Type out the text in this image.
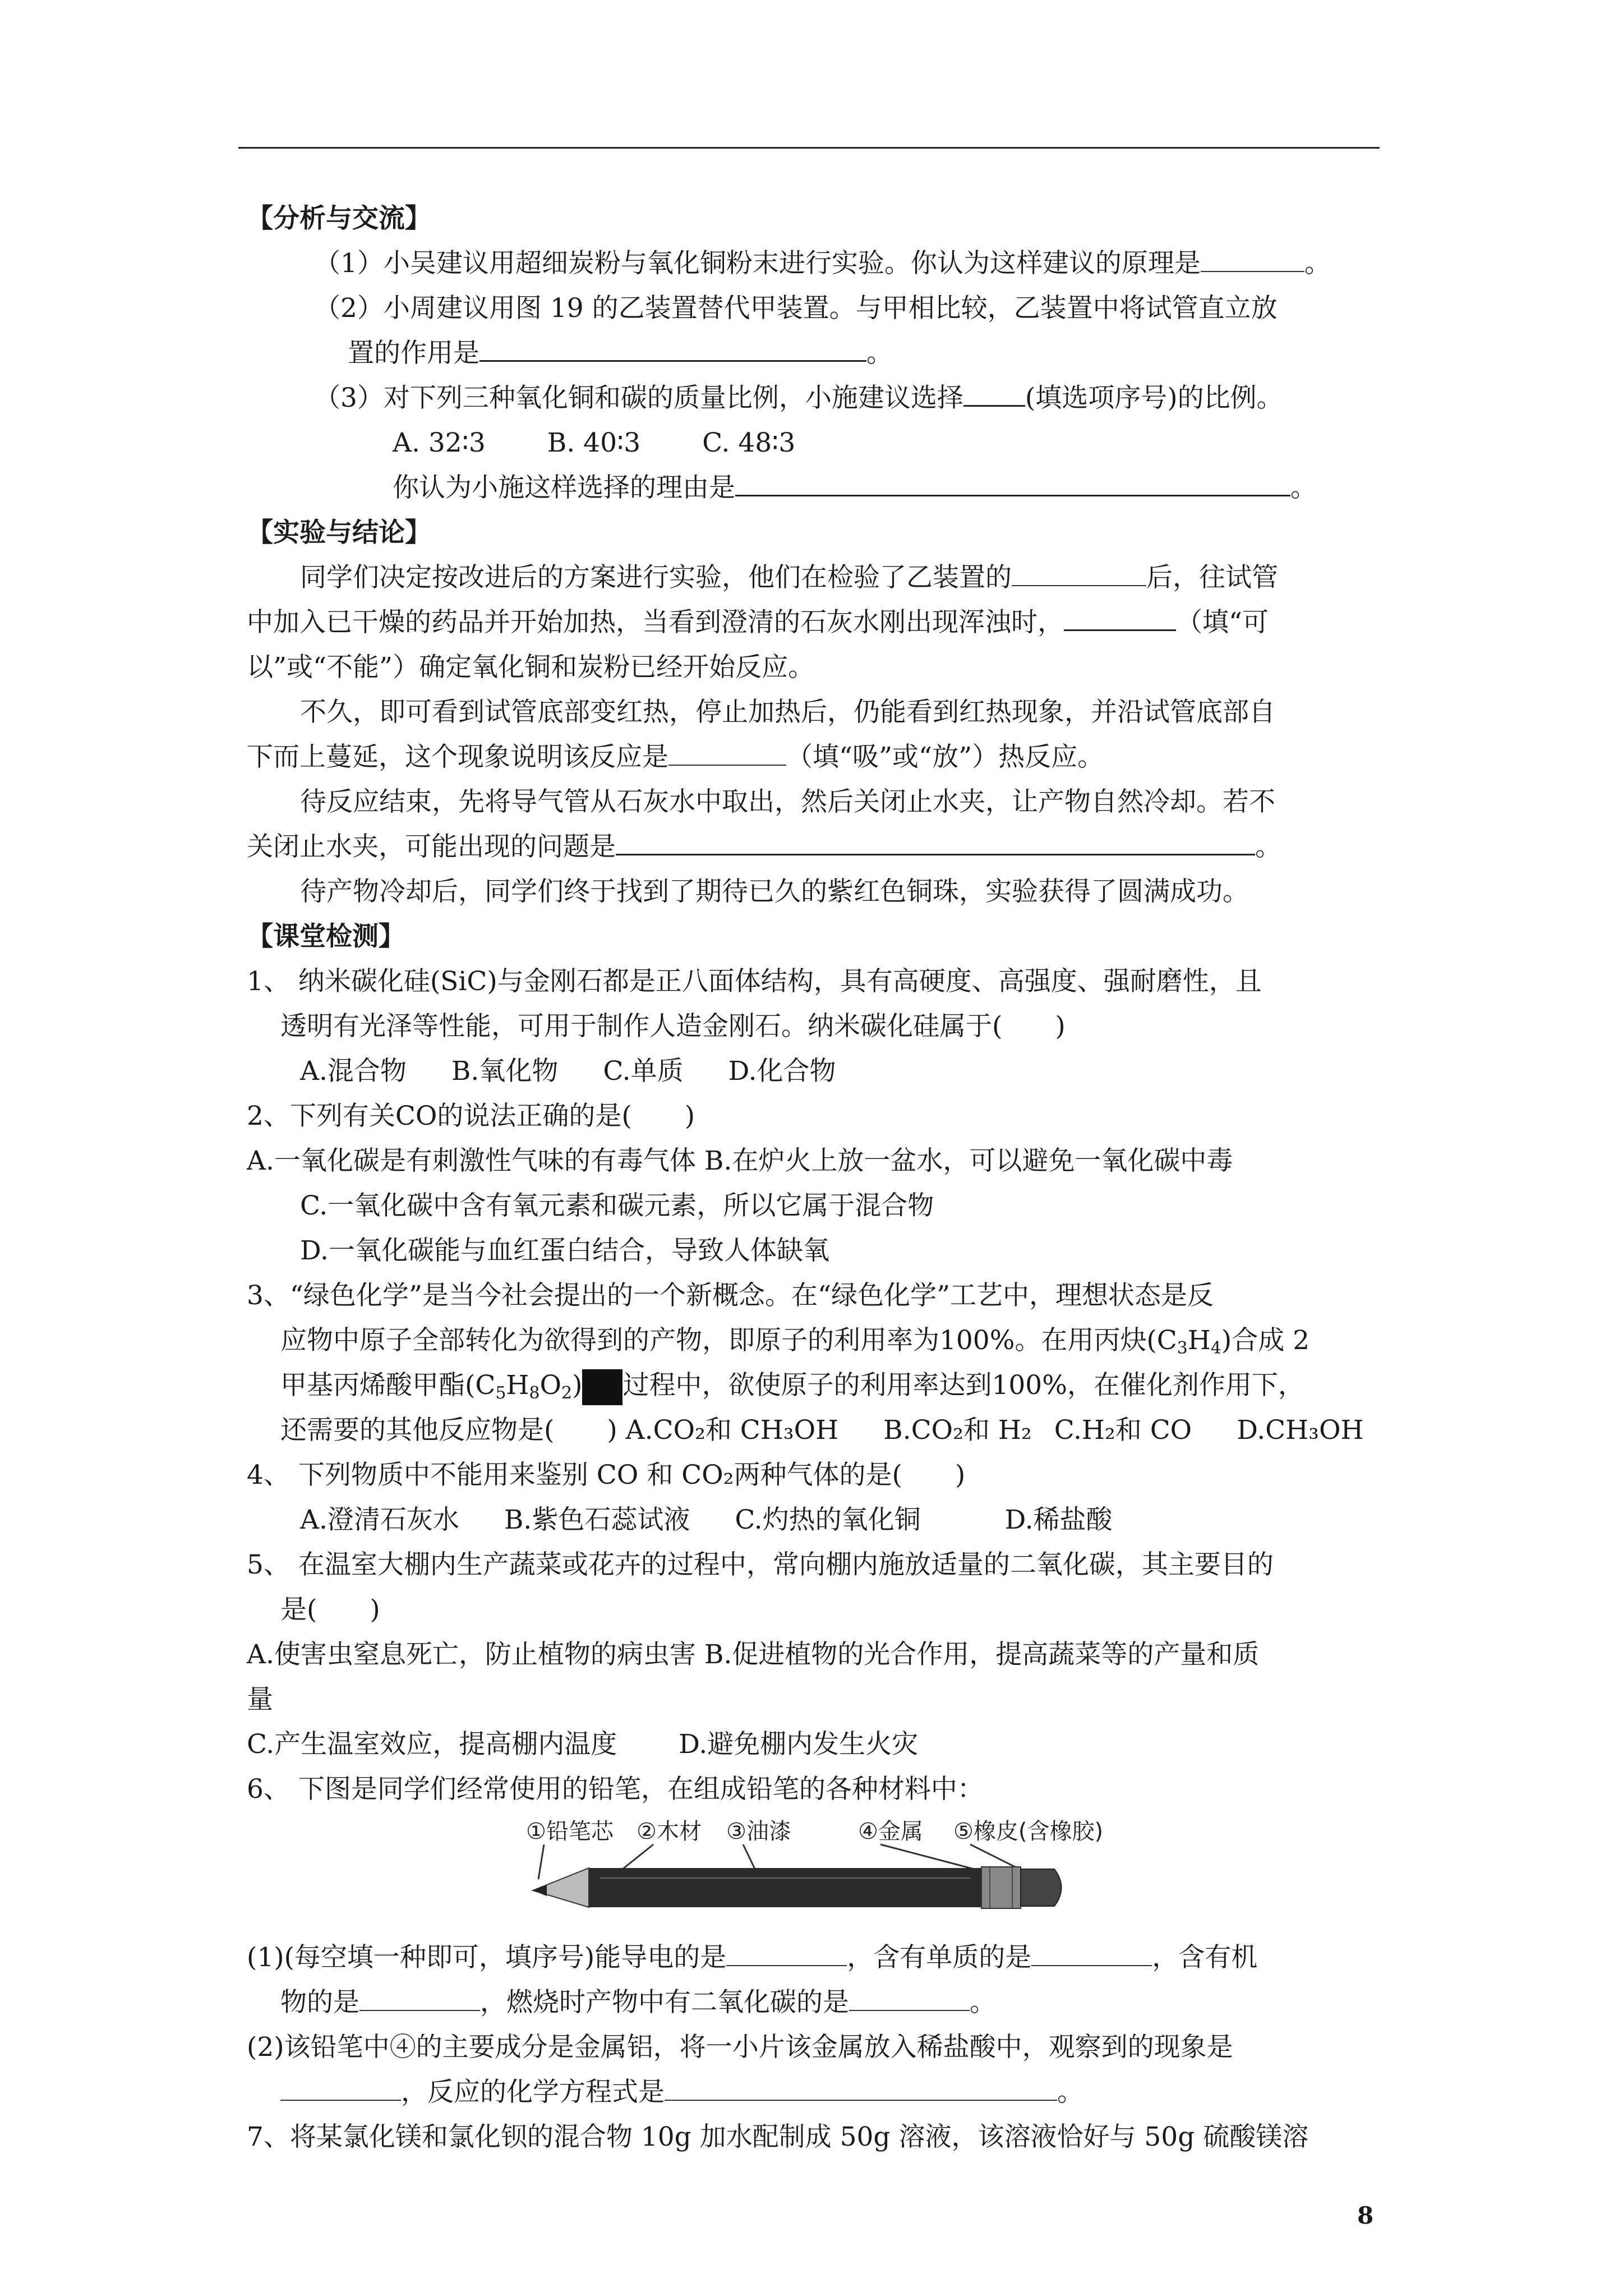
【分析与交流】
（1）小吴建议用超细炭粉与氧化铜粉末进行实验。你认为这样建议的原理是	。
（2）小周建议用图 19 的乙装置替代甲装置。与甲相比较，乙装置中将试管直立放
置的作用是	。
（3）对下列三种氧化铜和碳的质量比例，小施建议选择 (填选项序号)的比例。
A. 32∶3 B. 40∶3 C. 48∶3
你认为小施这样选择的理由是	。
【实验与结论】
同学们决定按改进后的方案进行实验，他们在检验了乙装置的	后，往试管
中加入已干燥的药品并开始加热，当看到澄清的石灰水刚出现浑浊时，	（填“可
以”或“不能”）确定氧化铜和炭粉已经开始反应。
不久，即可看到试管底部变红热，停止加热后，仍能看到红热现象，并沿试管底部自
下而上蔓延，这个现象说明该反应是	（填“吸”或“放”）热反应。
待反应结束，先将导气管从石灰水中取出，然后关闭止水夹，让产物自然冷却。若不
关闭止水夹，可能出现的问题是	。
待产物冷却后，同学们终于找到了期待已久的紫红色铜珠，实验获得了圆满成功。
【课堂检测】
1、 纳米碳化硅(SiC)与金刚石都是正八面体结构，具有高硬度、高强度、强耐磨性，且
透明有光泽等性能，可用于制作人造金刚石。纳米碳化硅属于(　　)
A.混合物 B.氧化物 C.单质 D.化合物
2、下列有关CO的说法正确的是(　　)
A.一氧化碳是有刺激性气味的有毒气体 B.在炉火上放一盆水，可以避免一氧化碳中毒
C.一氧化碳中含有氧元素和碳元素，所以它属于混合物
D.一氧化碳能与血红蛋白结合，导致人体缺氧
3、“绿色化学”是当今社会提出的一个新概念。在“绿色化学”工艺中，理想状态是反
应物中原子全部转化为欲得到的产物，即原子的利用率为100%。在用丙炔$(C_3H_4)$合成 2
甲基丙烯酸甲酯$(C_5H_8O_2)$ 过程中，欲使原子的利用率达到100%，在催化剂作用下，
还需要的其他反应物是(　　) A.CO₂和 CH₃OH B.CO₂和 H₂ C.H₂和 CO D.CH₃OH
4、 下列物质中不能用来鉴别 CO 和 CO₂两种气体的是(　　)
A.澄清石灰水 B.紫色石蕊试液 C.灼热的氧化铜	D.稀盐酸
5、 在温室大棚内生产蔬菜或花卉的过程中，常向棚内施放适量的二氧化碳，其主要目的
是(　　)
A.使害虫窒息死亡，防止植物的病虫害 B.促进植物的光合作用，提高蔬菜等的产量和质
量
C.产生温室效应，提高棚内温度 D.避免棚内发生火灾
6、 下图是同学们经常使用的铅笔，在组成铅笔的各种材料中：
①铅笔芯 ②木材 ③油漆	④金属 ⑤橡皮(含橡胶)
(1)(每空填一种即可，填序号)能导电的是	，含有单质的是	，含有机
物的是	，燃烧时产物中有二氧化碳的是	。
(2)该铅笔中④的主要成分是金属铝，将一小片该金属放入稀盐酸中，观察到的现象是
，反应的化学方程式是	。
7、将某氯化镁和氯化钡的混合物 10g 加水配制成 50g 溶液，该溶液恰好与 50g 硫酸镁溶
8
